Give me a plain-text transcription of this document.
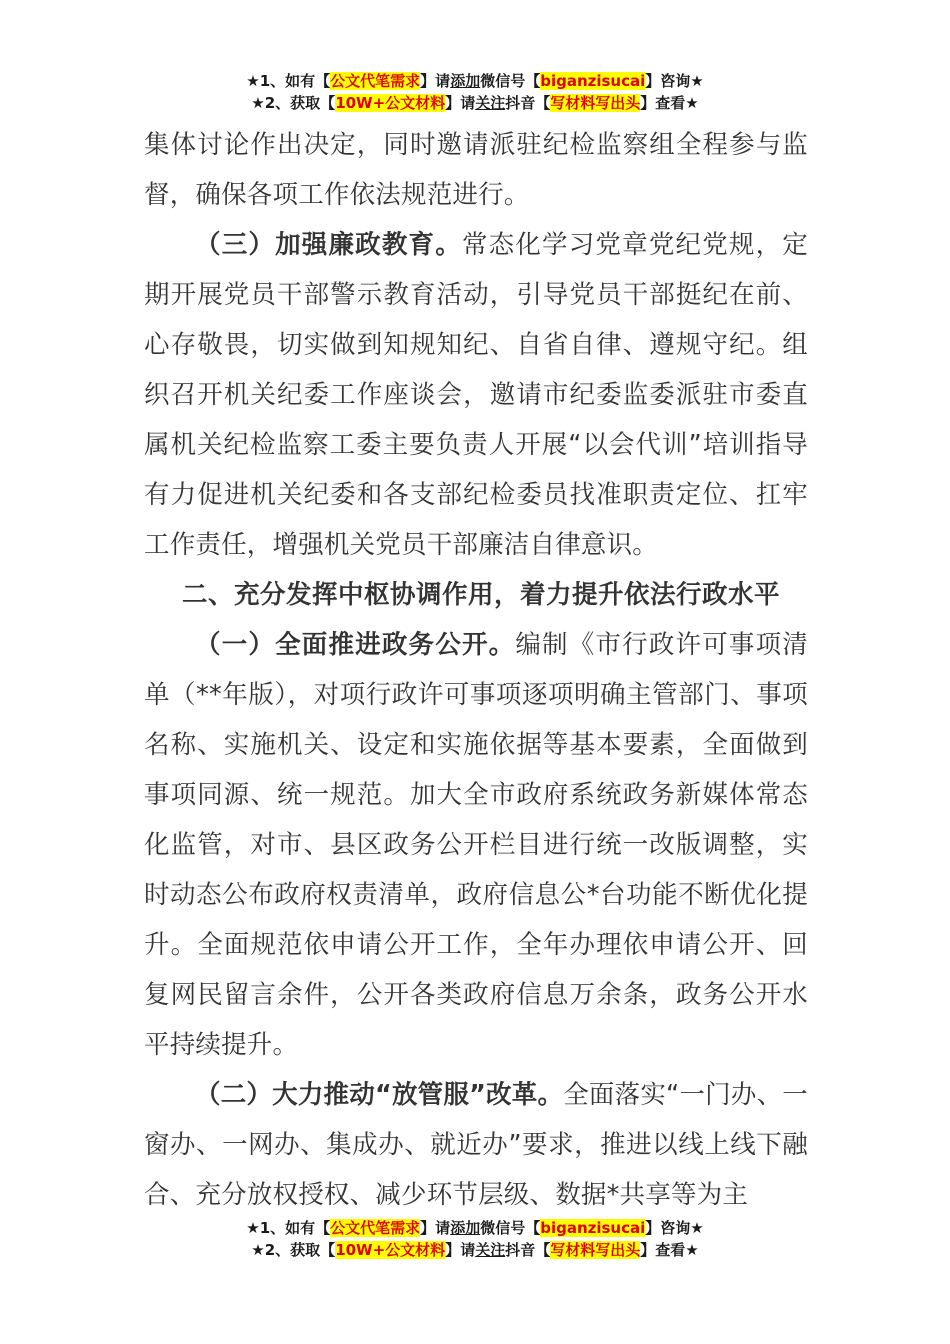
★1、如有【公文代笔需求】请添加微信号【biganzisucai】咨询★
★2、获取【10W+公文材料】请关注抖音【写材料写出头】查看★

集体讨论作出决定，同时邀请派驻纪检监察组全程参与监督，确保各项工作依法规范进行。

（三）加强廉政教育。常态化学习党章党纪党规，定期开展党员干部警示教育活动，引导党员干部挺纪在前、心存敬畏，切实做到知规知纪、自省自律、遵规守纪。组织召开机关纪委工作座谈会，邀请市纪委监委派驻市委直属机关纪检监察工委主要负责人开展“以会代训”培训指导有力促进机关纪委和各支部纪检委员找准职责定位、扛牢工作责任，增强机关党员干部廉洁自律意识。

二、充分发挥中枢协调作用，着力提升依法行政水平

（一）全面推进政务公开。编制《市行政许可事项清单（**年版），对项行政许可事项逐项明确主管部门、事项名称、实施机关、设定和实施依据等基本要素，全面做到事项同源、统一规范。加大全市政府系统政务新媒体常态化监管，对市、县区政务公开栏目进行统一改版调整，实时动态公布政府权责清单，政府信息公*台功能不断优化提升。全面规范依申请公开工作，全年办理依申请公开、回复网民留言余件，公开各类政府信息万余条，政务公开水平持续提升。

（二）大力推动“放管服”改革。全面落实“一门办、一窗办、一网办、集成办、就近办”要求，推进以线上线下融合、充分放权授权、减少环节层级、数据*共享等为主

★1、如有【公文代笔需求】请添加微信号【biganzisucai】咨询★
★2、获取【10W+公文材料】请关注抖音【写材料写出头】查看★
